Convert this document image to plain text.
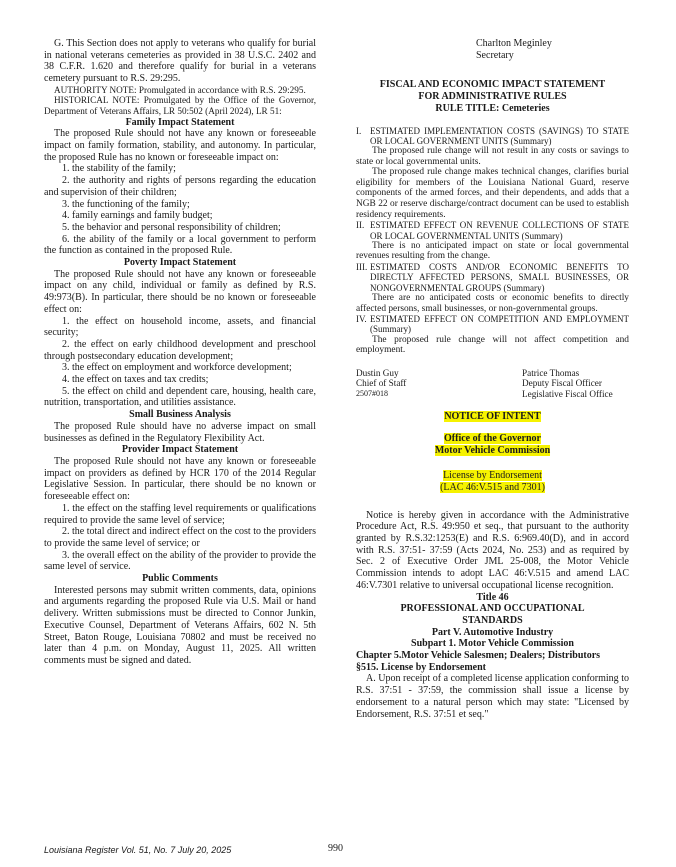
G. This Section does not apply to veterans who qualify for burial in national veterans cemeteries as provided in 38 U.S.C. 2402 and 38 C.F.R. 1.620 and therefore qualify for burial in a veterans cemetery pursuant to R.S. 29:295.

AUTHORITY NOTE: Promulgated in accordance with R.S. 29:295.

HISTORICAL NOTE: Promulgated by the Office of the Governor, Department of Veterans Affairs, LR 50:502 (April 2024), LR 51:

Family Impact Statement

The proposed Rule should not have any known or foreseeable impact on family formation, stability, and autonomy. In particular, the proposed Rule has no known or foreseeable impact on:

1. the stability of the family;

2. the authority and rights of persons regarding the education and supervision of their children;

3. the functioning of the family;

4. family earnings and family budget;

5. the behavior and personal responsibility of children;

6. the ability of the family or a local government to perform the function as contained in the proposed Rule.

Poverty Impact Statement

The proposed Rule should not have any known or foreseeable impact on any child, individual or family as defined by R.S. 49:973(B). In particular, there should be no known or foreseeable effect on:

1. the effect on household income, assets, and financial security;

2. the effect on early childhood development and preschool through postsecondary education development;

3. the effect on employment and workforce development;

4. the effect on taxes and tax credits;

5. the effect on child and dependent care, housing, health care, nutrition, transportation, and utilities assistance.

Small Business Analysis

The proposed Rule should have no adverse impact on small businesses as defined in the Regulatory Flexibility Act.

Provider Impact Statement

The proposed Rule should not have any known or foreseeable impact on providers as defined by HCR 170 of the 2014 Regular Legislative Session. In particular, there should be no known or foreseeable effect on:

1. the effect on the staffing level requirements or qualifications required to provide the same level of service;

2. the total direct and indirect effect on the cost to the providers to provide the same level of service; or

3. the overall effect on the ability of the provider to provide the same level of service.

Public Comments

Interested persons may submit written comments, data, opinions and arguments regarding the proposed Rule via U.S. Mail or hand delivery. Written submissions must be directed to Connor Junkin, Executive Counsel, Department of Veterans Affairs, 602 N. 5th Street, Baton Rouge, Louisiana 70802 and must be received no later than 4 p.m. on Monday, August 11, 2025. All written comments must be signed and dated.

Charlton Meginley
Secretary
FISCAL AND ECONOMIC IMPACT STATEMENT
FOR ADMINISTRATIVE RULES
RULE TITLE: Cemeteries
I. ESTIMATED IMPLEMENTATION COSTS (SAVINGS) TO STATE OR LOCAL GOVERNMENT UNITS (Summary)

The proposed rule change will not result in any costs or savings to state or local governmental units.

The proposed rule change makes technical changes, clarifies burial eligibility for members of the Louisiana National Guard, reserve components of the armed forces, and their dependents, and adds that a NGB 22 or reserve discharge/contract document can be used to establish residency requirements.

II. ESTIMATED EFFECT ON REVENUE COLLECTIONS OF STATE OR LOCAL GOVERNMENTAL UNITS (Summary)

There is no anticipated impact on state or local governmental revenues resulting from the change.

III. ESTIMATED COSTS AND/OR ECONOMIC BENEFITS TO DIRECTLY AFFECTED PERSONS, SMALL BUSINESSES, OR NONGOVERNMENTAL GROUPS (Summary)

There are no anticipated costs or economic benefits to directly affected persons, small businesses, or non-governmental groups.

IV. ESTIMATED EFFECT ON COMPETITION AND EMPLOYMENT (Summary)

The proposed rule change will not affect competition and employment.

Dustin Guy
Chief of Staff
2507#018
Patrice Thomas
Deputy Fiscal Officer
Legislative Fiscal Office
NOTICE OF INTENT
Office of the Governor
Motor Vehicle Commission
License by Endorsement
(LAC 46:V.515 and 7301)

Notice is hereby given in accordance with the Administrative Procedure Act, R.S. 49:950 et seq., that pursuant to the authority granted by R.S.32:1253(E) and R.S. 6:969.40(D), and in accord with R.S. 37:51- 37:59 (Acts 2024, No. 253) and as required by Sec. 2 of Executive Order JML 25-008, the Motor Vehicle Commission intends to adopt LAC 46:V.515 and amend LAC 46:V.7301 relative to universal occupational license recognition.

Title 46
PROFESSIONAL AND OCCUPATIONAL
STANDARDS
Part V. Automotive Industry
Subpart 1. Motor Vehicle Commission
Chapter 5.Motor Vehicle Salesmen; Dealers; Distributors
§515. License by Endorsement

A. Upon receipt of a completed license application conforming to R.S. 37:51 - 37:59, the commission shall issue a license by endorsement to a natural person which may state: "Licensed by Endorsement, R.S. 37:51 et seq."

Louisiana Register Vol. 51, No. 7 July 20, 2025	990
